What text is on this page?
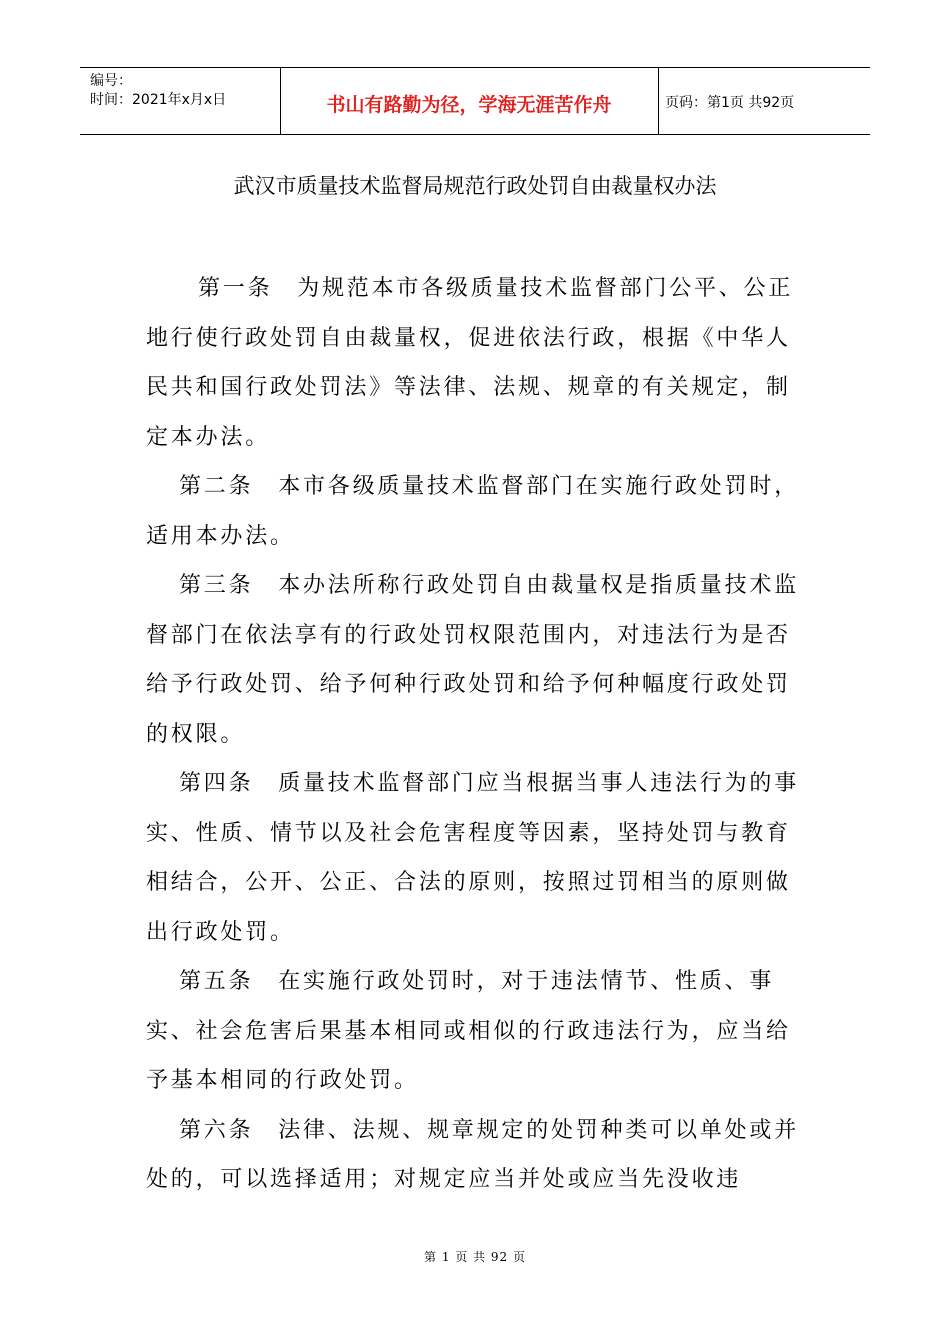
编号：
时间：2021年x月x日	书山有路勤为径，学海无涯苦作舟	页码：第1页 共92页
武汉市质量技术监督局规范行政处罚自由裁量权办法

第一条　为规范本市各级质量技术监督部门公平、公正地行使行政处罚自由裁量权，促进依法行政，根据《中华人民共和国行政处罚法》等法律、法规、规章的有关规定，制定本办法。

第二条　本市各级质量技术监督部门在实施行政处罚时，适用本办法。

第三条　本办法所称行政处罚自由裁量权是指质量技术监督部门在依法享有的行政处罚权限范围内，对违法行为是否给予行政处罚、给予何种行政处罚和给予何种幅度行政处罚的权限。

第四条　质量技术监督部门应当根据当事人违法行为的事实、性质、情节以及社会危害程度等因素，坚持处罚与教育相结合，公开、公正、合法的原则，按照过罚相当的原则做出行政处罚。

第五条　在实施行政处罚时，对于违法情节、性质、事实、社会危害后果基本相同或相似的行政违法行为，应当给予基本相同的行政处罚。

第六条　法律、法规、规章规定的处罚种类可以单处或并处的，可以选择适用；对规定应当并处或应当先没收违

第 1 页 共 92 页
